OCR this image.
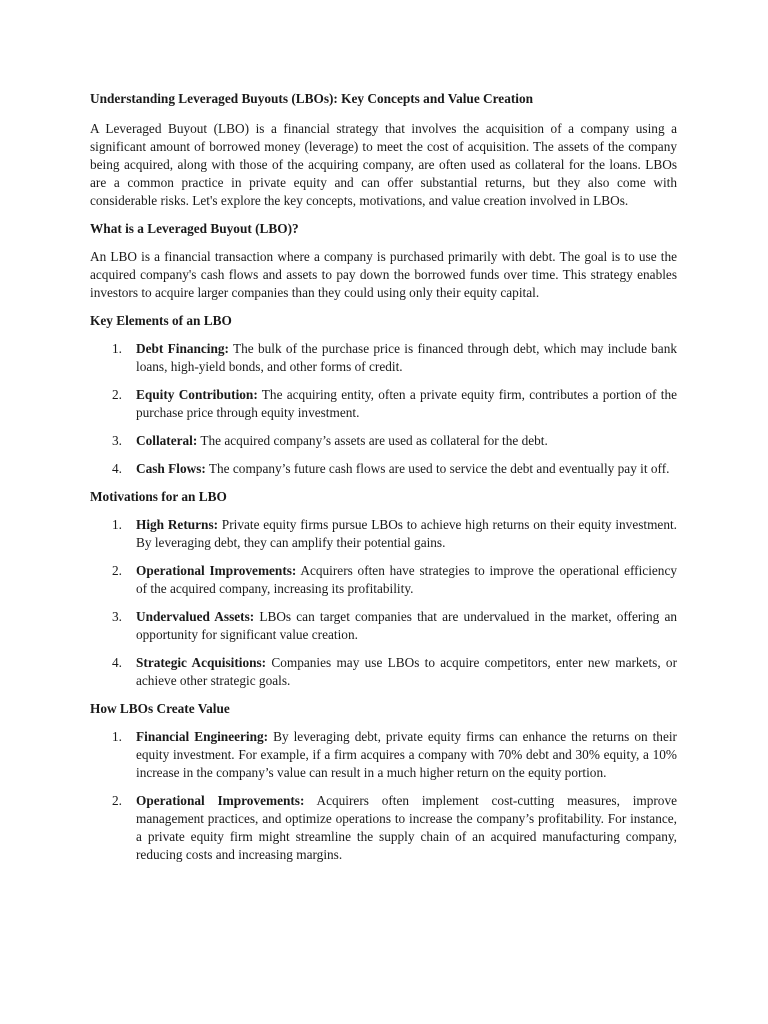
Understanding Leveraged Buyouts (LBOs): Key Concepts and Value Creation

A Leveraged Buyout (LBO) is a financial strategy that involves the acquisition of a company using a significant amount of borrowed money (leverage) to meet the cost of acquisition. The assets of the company being acquired, along with those of the acquiring company, are often used as collateral for the loans. LBOs are a common practice in private equity and can offer substantial returns, but they also come with considerable risks. Let's explore the key concepts, motivations, and value creation involved in LBOs.

What is a Leveraged Buyout (LBO)?

An LBO is a financial transaction where a company is purchased primarily with debt. The goal is to use the acquired company's cash flows and assets to pay down the borrowed funds over time. This strategy enables investors to acquire larger companies than they could using only their equity capital.

Key Elements of an LBO
1. Debt Financing: The bulk of the purchase price is financed through debt, which may include bank loans, high-yield bonds, and other forms of credit.
2. Equity Contribution: The acquiring entity, often a private equity firm, contributes a portion of the purchase price through equity investment.
3. Collateral: The acquired company’s assets are used as collateral for the debt.
4. Cash Flows: The company’s future cash flows are used to service the debt and eventually pay it off.
Motivations for an LBO
1. High Returns: Private equity firms pursue LBOs to achieve high returns on their equity investment. By leveraging debt, they can amplify their potential gains.
2. Operational Improvements: Acquirers often have strategies to improve the operational efficiency of the acquired company, increasing its profitability.
3. Undervalued Assets: LBOs can target companies that are undervalued in the market, offering an opportunity for significant value creation.
4. Strategic Acquisitions: Companies may use LBOs to acquire competitors, enter new markets, or achieve other strategic goals.
How LBOs Create Value
1. Financial Engineering: By leveraging debt, private equity firms can enhance the returns on their equity investment. For example, if a firm acquires a company with 70% debt and 30% equity, a 10% increase in the company’s value can result in a much higher return on the equity portion.
2. Operational Improvements: Acquirers often implement cost-cutting measures, improve management practices, and optimize operations to increase the company’s profitability. For instance, a private equity firm might streamline the supply chain of an acquired manufacturing company, reducing costs and increasing margins.
